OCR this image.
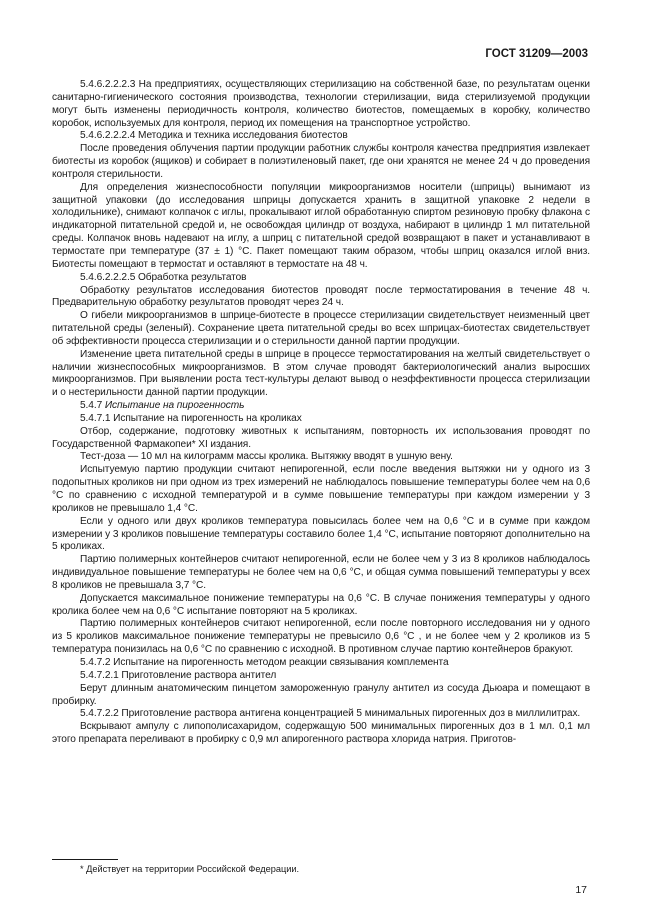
ГОСТ 31209—2003

5.4.6.2.2.2.3 На предприятиях, осуществляющих стерилизацию на собственной базе, по результатам оценки санитарно-гигиенического состояния производства, технологии стерилизации, вида стерилизуемой продукции могут быть изменены периодичность контроля, количество биотестов, помещаемых в коробку, количество коробок, используемых для контроля, период их помещения на транспортное устройство.

5.4.6.2.2.2.4 Методика и техника исследования биотестов

После проведения облучения партии продукции работник службы контроля качества предприятия извлекает биотесты из коробок (ящиков) и собирает в полиэтиленовый пакет, где они хранятся не менее 24 ч до проведения контроля стерильности.

Для определения жизнеспособности популяции микроорганизмов носители (шприцы) вынимают из защитной упаковки (до исследования шприцы допускается хранить в защитной упаковке 2 недели в холодильнике), снимают колпачок с иглы, прокалывают иглой обработанную спиртом резиновую пробку флакона с индикаторной питательной средой и, не освобождая цилиндр от воздуха, набирают в цилиндр 1 мл питательной среды. Колпачок вновь надевают на иглу, а шприц с питательной средой возвращают в пакет и устанавливают в термостате при температуре (37 ± 1) °С. Пакет помещают таким образом, чтобы шприц оказался иглой вниз. Биотесты помещают в термостат и оставляют в термостате на 48 ч.

5.4.6.2.2.2.5 Обработка результатов

Обработку результатов исследования биотестов проводят после термостатирования в течение 48 ч. Предварительную обработку результатов проводят через 24 ч.

О гибели микроорганизмов в шприце-биотесте в процессе стерилизации свидетельствует неизменный цвет питательной среды (зеленый). Сохранение цвета питательной среды во всех шприцах-биотестах свидетельствует об эффективности процесса стерилизации и о стерильности данной партии продукции.

Изменение цвета питательной среды в шприце в процессе термостатирования на желтый свидетельствует о наличии жизнеспособных микроорганизмов. В этом случае проводят бактериологический анализ выросших микроорганизмов. При выявлении роста тест-культуры делают вывод о неэффективности процесса стерилизации и о нестерильности данной партии продукции.

5.4.7 Испытание на пирогенность

5.4.7.1 Испытание на пирогенность на кроликах

Отбор, содержание, подготовку животных к испытаниям, повторность их использования проводят по Государственной Фармакопеи* XI издания.

Тест-доза — 10 мл на килограмм массы кролика. Вытяжку вводят в ушную вену.

Испытуемую партию продукции считают непирогенной, если после введения вытяжки ни у одного из 3 подопытных кроликов ни при одном из трех измерений не наблюдалось повышение температуры более чем на 0,6 °С по сравнению с исходной температурой и в сумме повышение температуры при каждом измерении у 3 кроликов не превышало 1,4 °С.

Если у одного или двух кроликов температура повысилась более чем на 0,6 °С и в сумме при каждом измерении у 3 кроликов повышение температуры составило более 1,4 °С, испытание повторяют дополнительно на 5 кроликах.

Партию полимерных контейнеров считают непирогенной, если не более чем у 3 из 8 кроликов наблюдалось индивидуальное повышение температуры не более чем на 0,6 °С, и общая сумма повышений температуры у всех 8 кроликов не превышала 3,7 °С.

Допускается максимальное понижение температуры на 0,6 °С. В случае понижения температуры у одного кролика более чем на 0,6 °С испытание повторяют на 5 кроликах.

Партию полимерных контейнеров считают непирогенной, если после повторного исследования ни у одного из 5 кроликов максимальное понижение температуры не превысило 0,6 °С , и не более чем у 2 кроликов из 5 температура понизилась на 0,6 °С по сравнению с исходной. В противном случае партию контейнеров бракуют.

5.4.7.2 Испытание на пирогенность методом реакции связывания комплемента

5.4.7.2.1 Приготовление раствора антител

Берут длинным анатомическим пинцетом замороженную гранулу антител из сосуда Дьюара и помещают в пробирку.

5.4.7.2.2 Приготовление раствора антигена концентрацией 5 минимальных пирогенных доз в миллилитрах.

Вскрывают ампулу с липополисахаридом, содержащую 500 минимальных пирогенных доз в 1 мл. 0,1 мл этого препарата переливают в пробирку с 0,9 мл апирогенного раствора хлорида натрия. Приготов-

* Действует на территории Российской Федерации.
17
